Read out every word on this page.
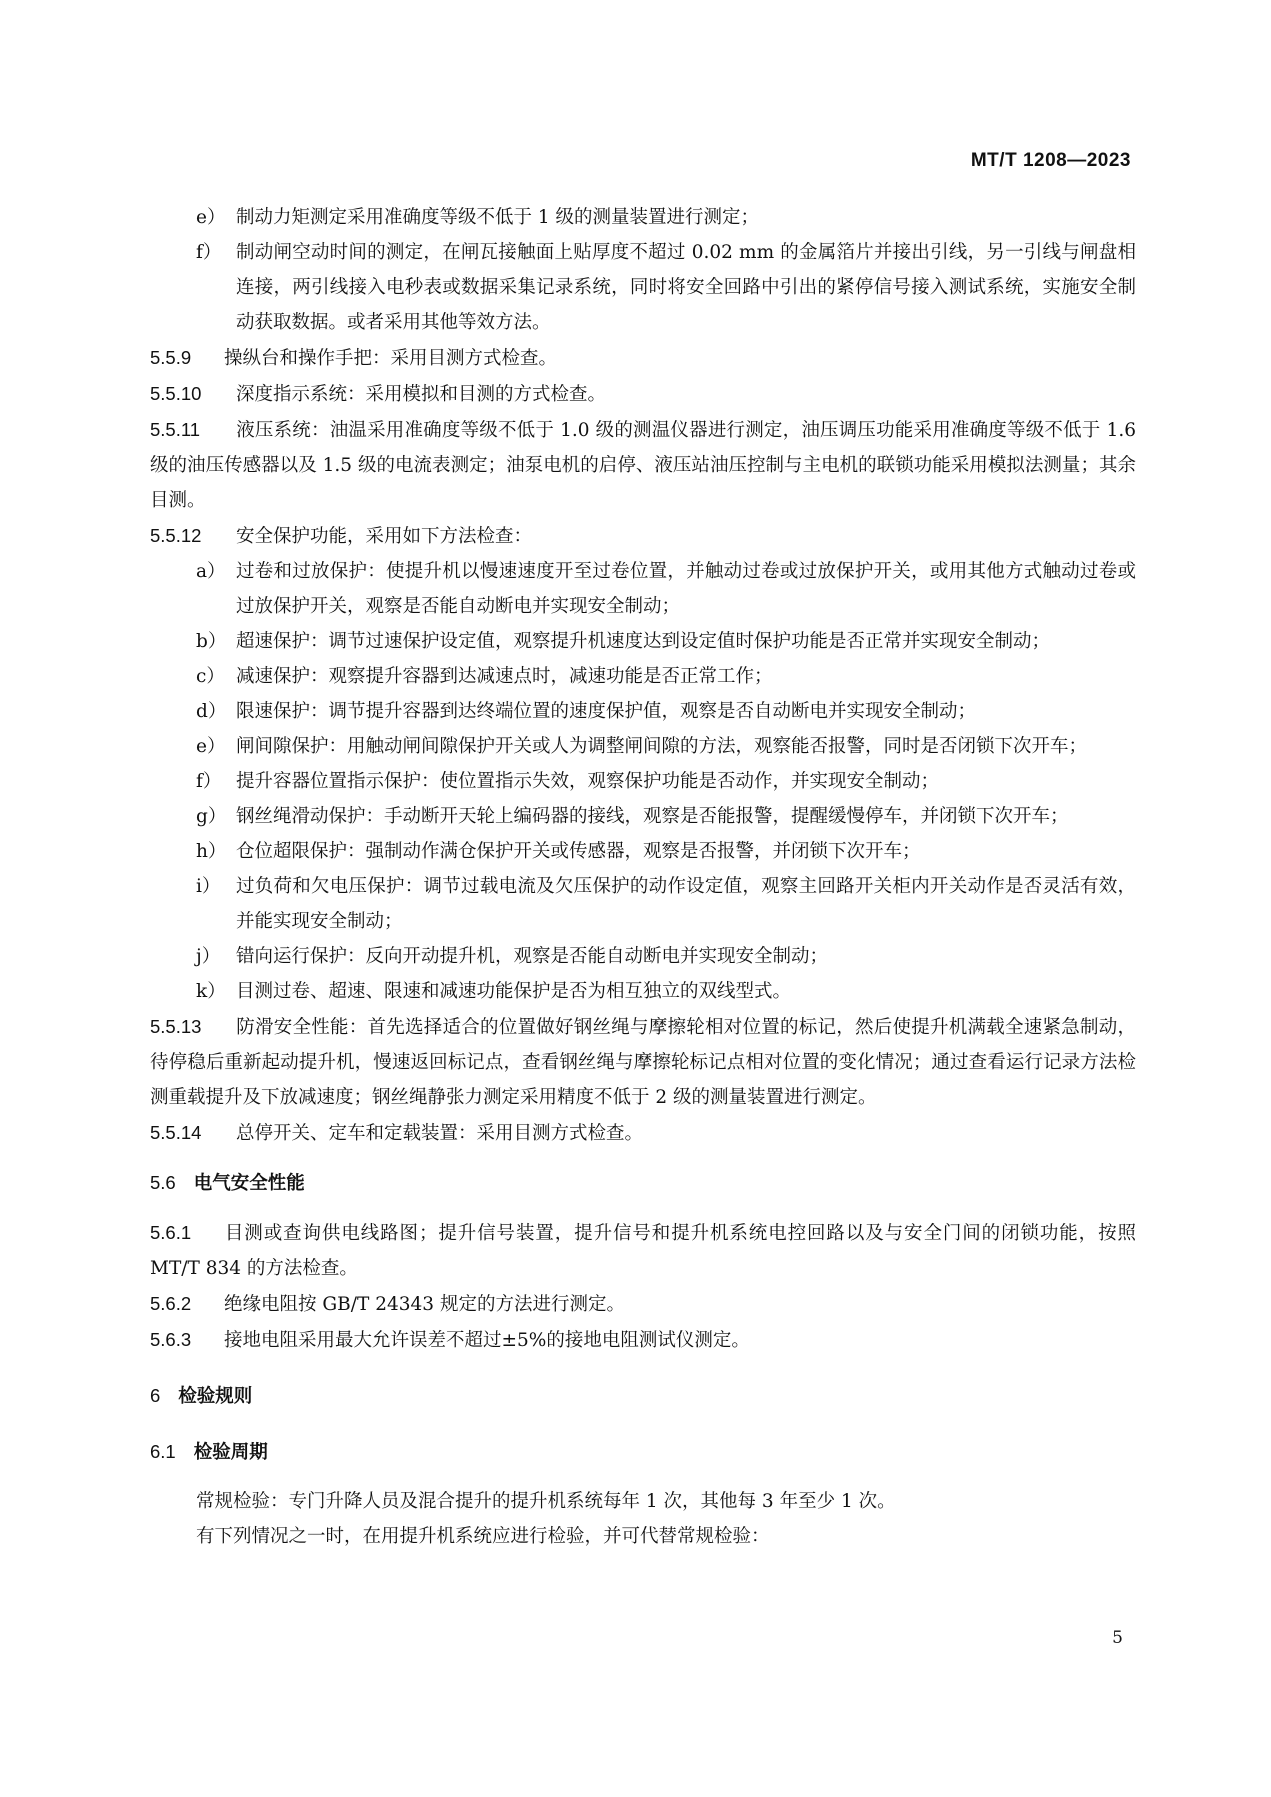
MT/T 1208—2023
e） 制动力矩测定采用准确度等级不低于 1 级的测量装置进行测定；
f） 制动闸空动时间的测定，在闸瓦接触面上贴厚度不超过 0.02 mm 的金属箔片并接出引线，另一引线与闸盘相连接，两引线接入电秒表或数据采集记录系统，同时将安全回路中引出的紧停信号接入测试系统，实施安全制动获取数据。或者采用其他等效方法。
5.5.9 操纵台和操作手把：采用目测方式检查。
5.5.10 深度指示系统：采用模拟和目测的方式检查。
5.5.11 液压系统：油温采用准确度等级不低于 1.0 级的测温仪器进行测定，油压调压功能采用准确度等级不低于 1.6 级的油压传感器以及 1.5 级的电流表测定；油泵电机的启停、液压站油压控制与主电机的联锁功能采用模拟法测量；其余目测。
5.5.12 安全保护功能，采用如下方法检查：
a） 过卷和过放保护：使提升机以慢速速度开至过卷位置，并触动过卷或过放保护开关，或用其他方式触动过卷或过放保护开关，观察是否能自动断电并实现安全制动；
b） 超速保护：调节过速保护设定值，观察提升机速度达到设定值时保护功能是否正常并实现安全制动；
c） 减速保护：观察提升容器到达减速点时，减速功能是否正常工作；
d） 限速保护：调节提升容器到达终端位置的速度保护值，观察是否自动断电并实现安全制动；
e） 闸间隙保护：用触动闸间隙保护开关或人为调整闸间隙的方法，观察能否报警，同时是否闭锁下次开车；
f） 提升容器位置指示保护：使位置指示失效，观察保护功能是否动作，并实现安全制动；
g） 钢丝绳滑动保护：手动断开天轮上编码器的接线，观察是否能报警，提醒缓慢停车，并闭锁下次开车；
h） 仓位超限保护：强制动作满仓保护开关或传感器，观察是否报警，并闭锁下次开车；
i） 过负荷和欠电压保护：调节过载电流及欠压保护的动作设定值，观察主回路开关柜内开关动作是否灵活有效，并能实现安全制动；
j） 错向运行保护：反向开动提升机，观察是否能自动断电并实现安全制动；
k） 目测过卷、超速、限速和减速功能保护是否为相互独立的双线型式。
5.5.13 防滑安全性能：首先选择适合的位置做好钢丝绳与摩擦轮相对位置的标记，然后使提升机满载全速紧急制动，待停稳后重新起动提升机，慢速返回标记点，查看钢丝绳与摩擦轮标记点相对位置的变化情况；通过查看运行记录方法检测重载提升及下放减速度；钢丝绳静张力测定采用精度不低于 2 级的测量装置进行测定。
5.5.14 总停开关、定车和定载装置：采用目测方式检查。
5.6 电气安全性能
5.6.1 目测或查询供电线路图；提升信号装置，提升信号和提升机系统电控回路以及与安全门间的闭锁功能，按照 MT/T 834 的方法检查。
5.6.2 绝缘电阻按 GB/T 24343 规定的方法进行测定。
5.6.3 接地电阻采用最大允许误差不超过±5%的接地电阻测试仪测定。
6 检验规则
6.1 检验周期
常规检验：专门升降人员及混合提升的提升机系统每年 1 次，其他每 3 年至少 1 次。
有下列情况之一时，在用提升机系统应进行检验，并可代替常规检验：
5
